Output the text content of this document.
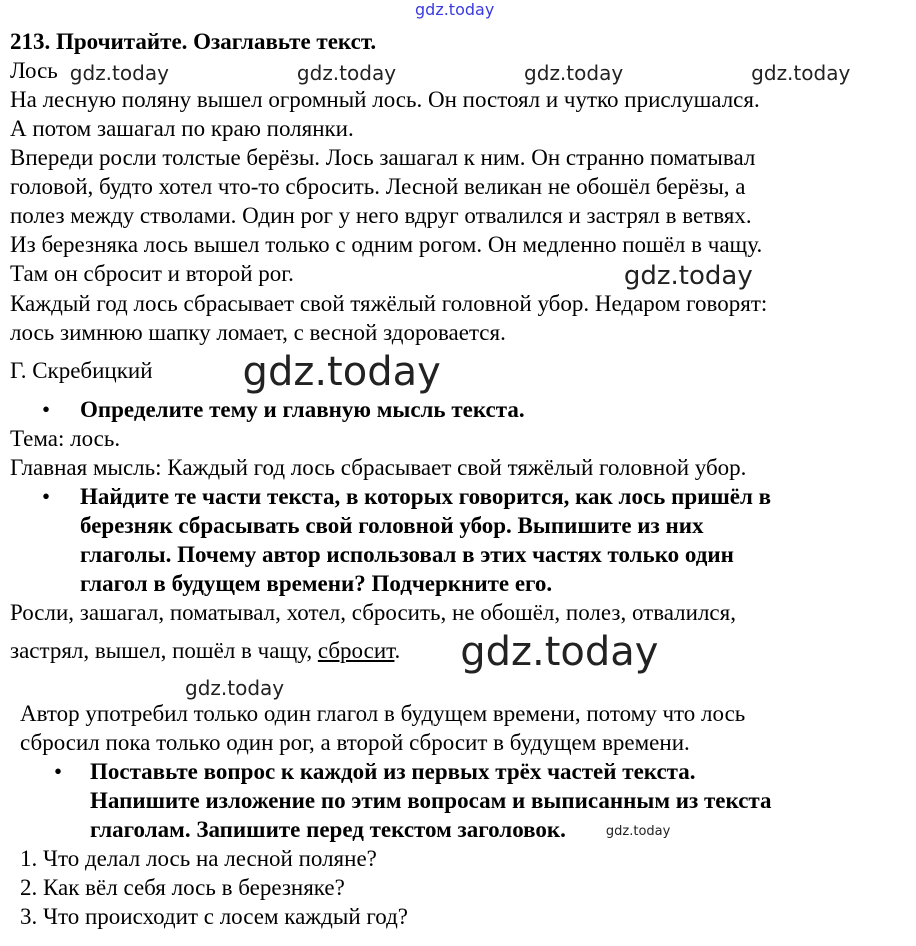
gdz.today
213. Прочитайте. Озаглавьте текст.
Лось gdz.today	gdz.today	gdz.today	gdz.today
На лесную поляну вышел огромный лось. Он постоял и чутко прислушался.
А потом зашагал по краю полянки.
Впереди росли толстые берёзы. Лось зашагал к ним. Он странно поматывал
головой, будто хотел что-то сбросить. Лесной великан не обошёл берёзы, а
полез между стволами. Один рог у него вдруг отвалился и застрял в ветвях.
Из березняка лось вышел только с одним рогом. Он медленно пошёл в чащу.
Там он сбросит и второй рог.	gdz.today
Каждый год лось сбрасывает свой тяжёлый головной убор. Недаром говорят:
лось зимнюю шапку ломает, с весной здоровается.
Г. Скребицкий gdz.today
• Определите тему и главную мысль текста.
Тема: лось.
Главная мысль: Каждый год лось сбрасывает свой тяжёлый головной убор.
• Найдите те части текста, в которых говорится, как лось пришёл в
березняк сбрасывать свой головной убор. Выпишите из них
глаголы. Почему автор использовал в этих частях только один
глагол в будущем времени? Подчеркните его.
Росли, зашагал, поматывал, хотел, сбросить, не обошёл, полез, отвалился,
застрял, вышел, пошёл в чащу, сбросит. gdz.today
gdz.today
Автор употребил только один глагол в будущем времени, потому что лось
сбросил пока только один рог, а второй сбросит в будущем времени.
• Поставьте вопрос к каждой из первых трёх частей текста.
Напишите изложение по этим вопросам и выписанным из текста
глаголам. Запишите перед текстом заголовок.	gdz.today
1. Что делал лось на лесной поляне?
2. Как вёл себя лось в березняке?
3. Что происходит с лосем каждый год?
